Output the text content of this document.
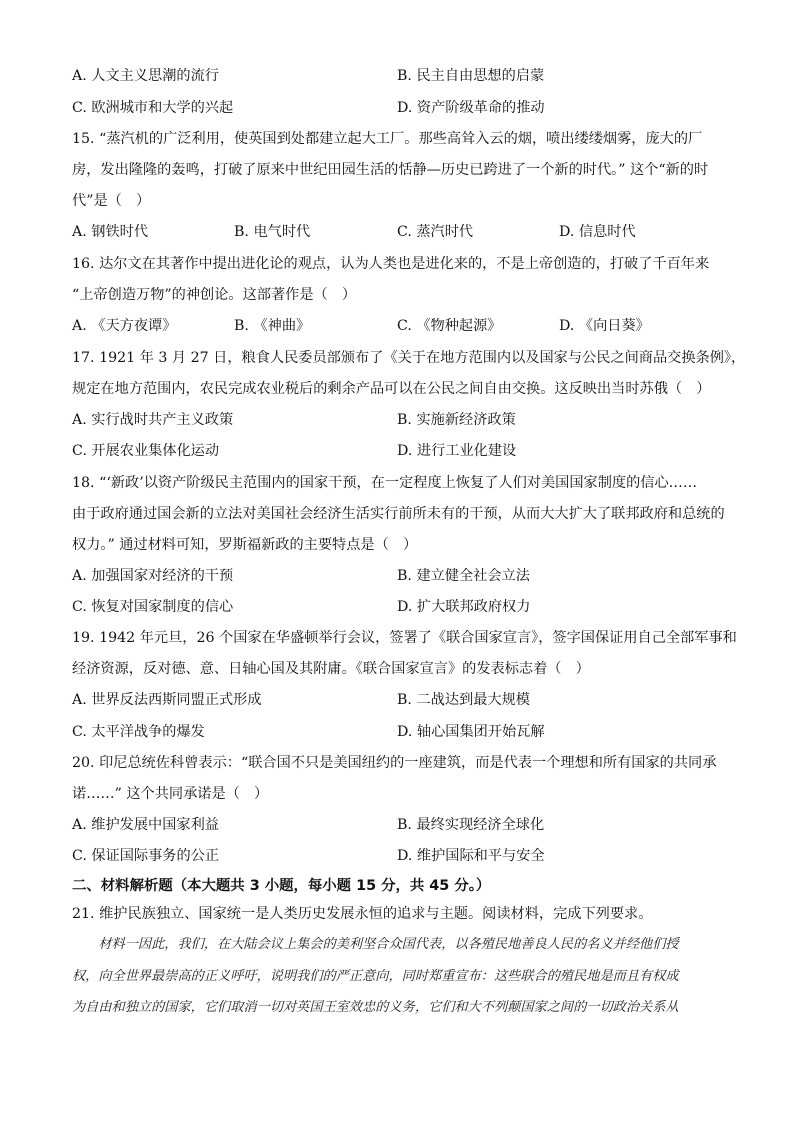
A. 人文主义思潮的流行	B. 民主自由思想的启蒙
C. 欧洲城市和大学的兴起	D. 资产阶级革命的推动
15. “蒸汽机的广泛利用，使英国到处都建立起大工厂。那些高耸入云的烟，喷出缕缕烟雾，庞大的厂
房，发出隆隆的轰鸣，打破了原来中世纪田园生活的恬静—历史已跨进了一个新的时代。” 这个“新的时
代”是（　）
A. 钢铁时代	B. 电气时代	C. 蒸汽时代	D. 信息时代
16. 达尔文在其著作中提出进化论的观点，认为人类也是进化来的，不是上帝创造的，打破了千百年来
“上帝创造万物”的神创论。这部著作是（　）
A. 《天方夜谭》	B. 《神曲》	C. 《物种起源》	D. 《向日葵》
17. 1921 年 3 月 27 日，粮食人民委员部颁布了《关于在地方范围内以及国家与公民之间商品交换条例》，
规定在地方范围内，农民完成农业税后的剩余产品可以在公民之间自由交换。这反映出当时苏俄（　）
A. 实行战时共产主义政策	B. 实施新经济政策
C. 开展农业集体化运动	D. 进行工业化建设
18. “‘新政’以资产阶级民主范围内的国家干预，在一定程度上恢复了人们对美国国家制度的信心……
由于政府通过国会新的立法对美国社会经济生活实行前所未有的干预，从而大大扩大了联邦政府和总统的
权力。” 通过材料可知，罗斯福新政的主要特点是（　）
A. 加强国家对经济的干预	B. 建立健全社会立法
C. 恢复对国家制度的信心	D. 扩大联邦政府权力
19. 1942 年元旦，26 个国家在华盛顿举行会议，签署了《联合国家宣言》，签字国保证用自己全部军事和
经济资源，反对德、意、日轴心国及其附庸。《联合国家宣言》的发表标志着（　）
A. 世界反法西斯同盟正式形成	B. 二战达到最大规模
C. 太平洋战争的爆发	D. 轴心国集团开始瓦解
20. 印尼总统佐科曾表示：“联合国不只是美国纽约的一座建筑，而是代表一个理想和所有国家的共同承
诺……” 这个共同承诺是（　）
A. 维护发展中国家利益	B. 最终实现经济全球化
C. 保证国际事务的公正	D. 维护国际和平与安全
二、材料解析题（本大题共 3 小题，每小题 15 分，共 45 分。）
21. 维护民族独立、国家统一是人类历史发展永恒的追求与主题。阅读材料，完成下列要求。
　　材料一因此，我们，在大陆会议上集会的美利坚合众国代表，以各殖民地善良人民的名义并经他们授
权，向全世界最崇高的正义呼吁，说明我们的严正意向，同时郑重宣布：这些联合的殖民地是而且有权成
为自由和独立的国家，它们取消一切对英国王室效忠的义务，它们和大不列颠国家之间的一切政治关系从
